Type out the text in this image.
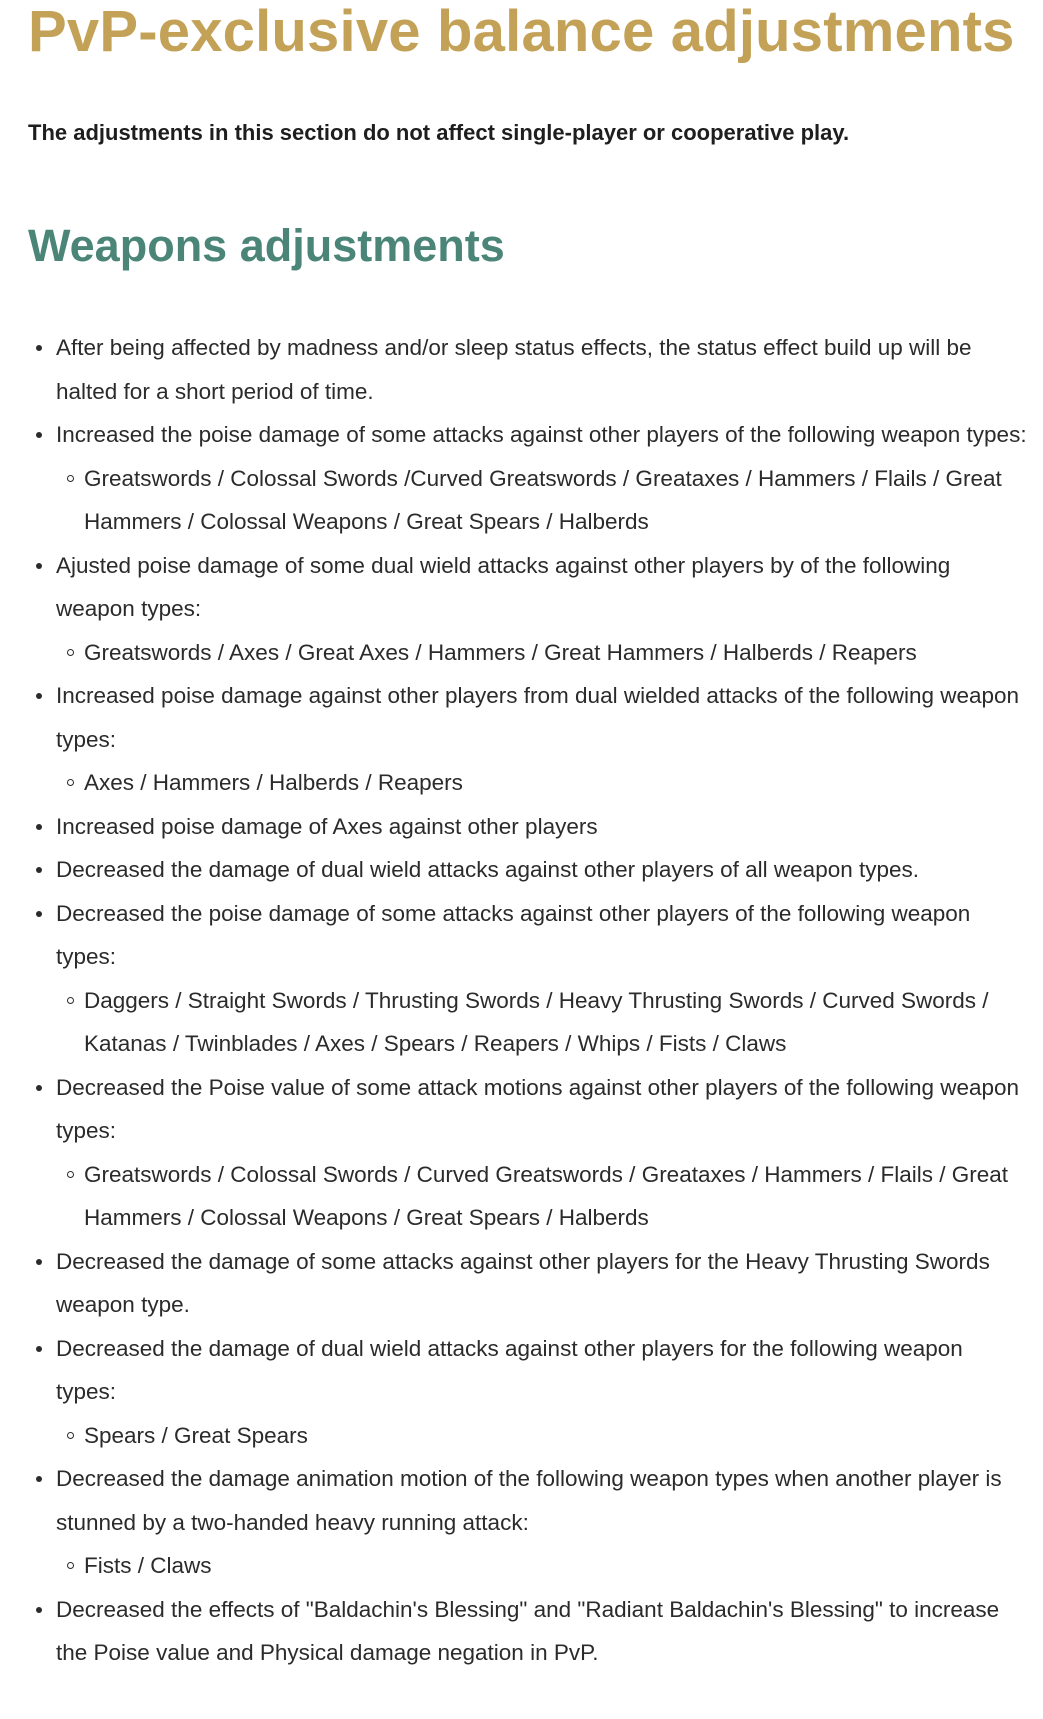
PvP-exclusive balance adjustments

The adjustments in this section do not affect single-player or cooperative play.

Weapons adjustments
After being affected by madness and/or sleep status effects, the status effect build up will be halted for a short period of time.
Increased the poise damage of some attacks against other players of the following weapon types:
Greatswords / Colossal Swords /Curved Greatswords / Greataxes / Hammers / Flails / Great Hammers / Colossal Weapons / Great Spears / Halberds
Ajusted poise damage of some dual wield attacks against other players by of the following weapon types:
Greatswords / Axes / Great Axes / Hammers / Great Hammers / Halberds / Reapers
Increased poise damage against other players from dual wielded attacks of the following weapon types:
Axes / Hammers / Halberds / Reapers
Increased poise damage of Axes against other players
Decreased the damage of dual wield attacks against other players of all weapon types.
Decreased the poise damage of some attacks against other players of the following weapon types:
Daggers / Straight Swords / Thrusting Swords / Heavy Thrusting Swords / Curved Swords / Katanas / Twinblades / Axes / Spears / Reapers / Whips / Fists / Claws
Decreased the Poise value of some attack motions against other players of the following weapon types:
Greatswords / Colossal Swords / Curved Greatswords / Greataxes / Hammers / Flails / Great Hammers / Colossal Weapons / Great Spears / Halberds
Decreased the damage of some attacks against other players for the Heavy Thrusting Swords weapon type.
Decreased the damage of dual wield attacks against other players for the following weapon types:
Spears / Great Spears
Decreased the damage animation motion of the following weapon types when another player is stunned by a two-handed heavy running attack:
Fists / Claws
Decreased the effects of "Baldachin's Blessing" and "Radiant Baldachin's Blessing" to increase the Poise value and Physical damage negation in PvP.
